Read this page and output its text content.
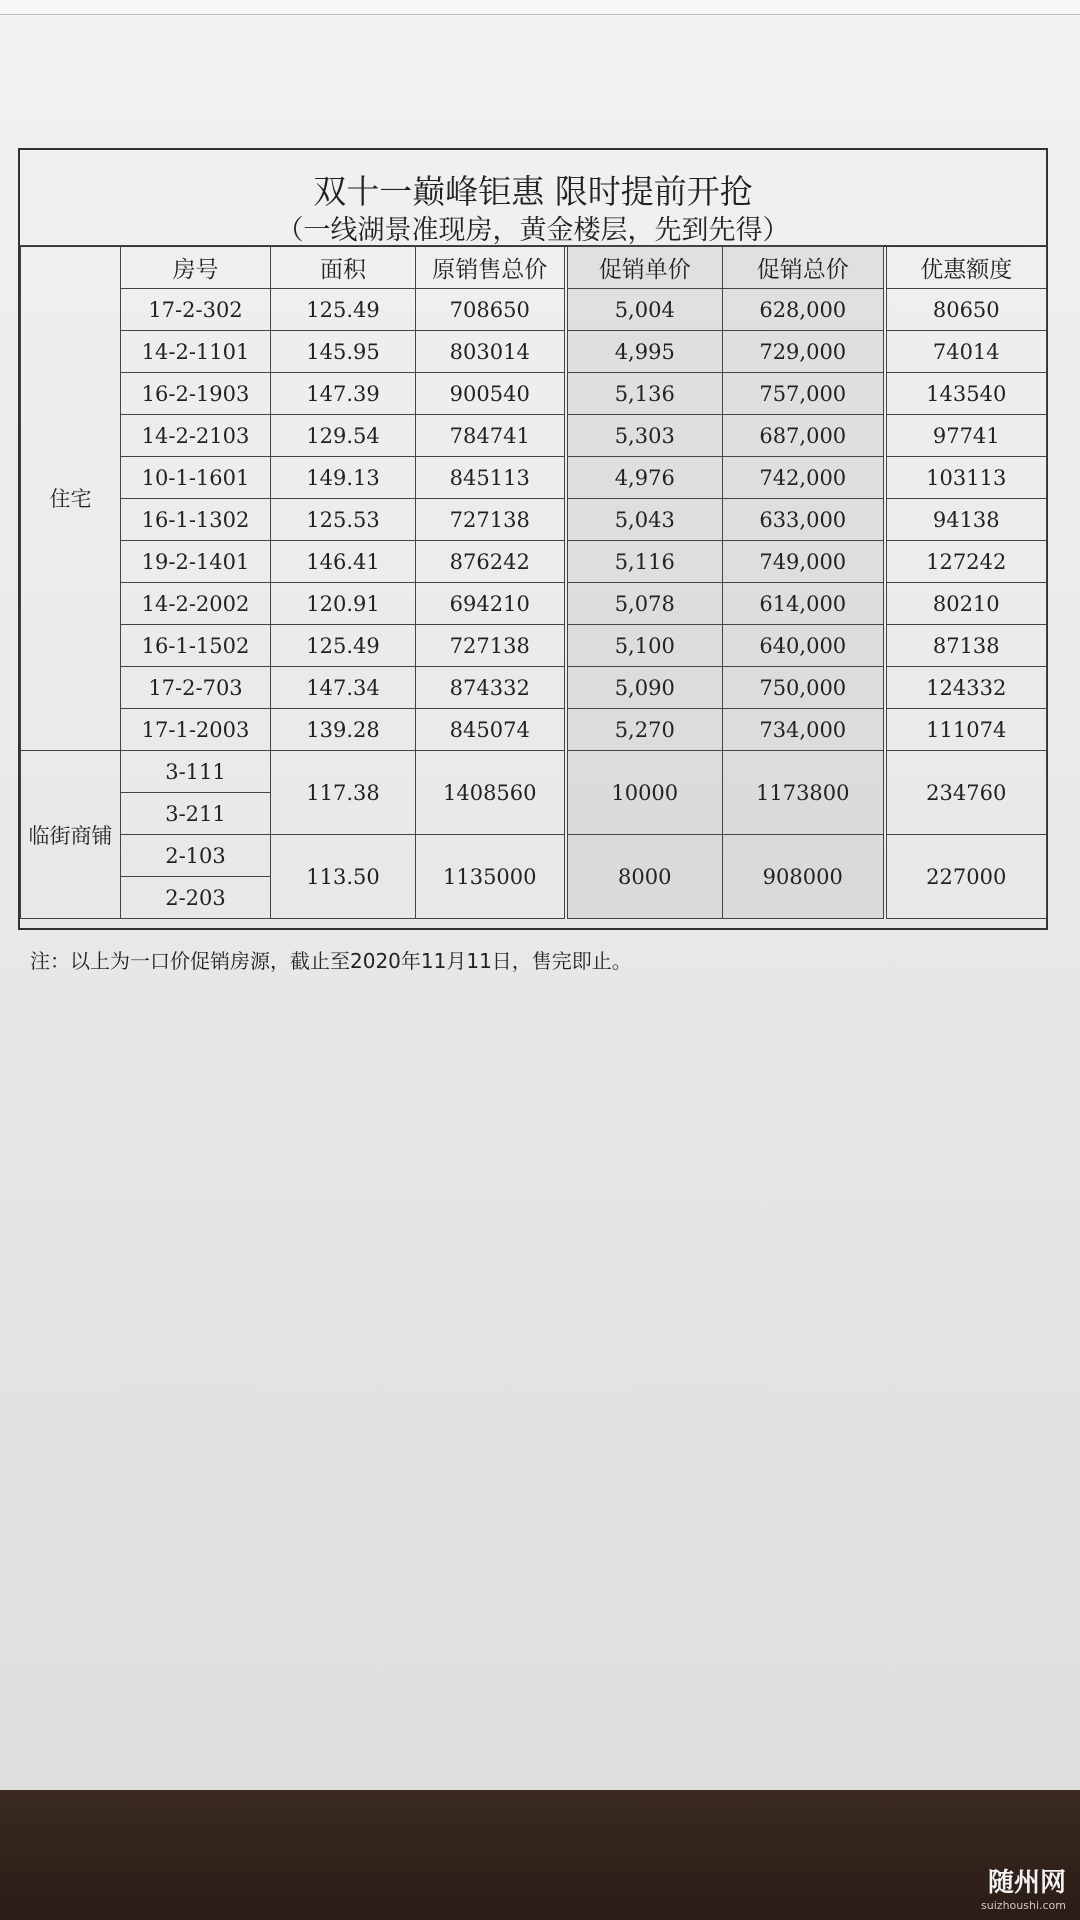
双十一巅峰钜惠 限时提前开抢
（一线湖景准现房，黄金楼层，先到先得）
住宅	房号	面积	原销售总价	促销单价	促销总价	优惠额度
	17-2-302	125.49	708650	5,004	628,000	80650
	14-2-1101	145.95	803014	4,995	729,000	74014
	16-2-1903	147.39	900540	5,136	757,000	143540
	14-2-2103	129.54	784741	5,303	687,000	97741
	10-1-1601	149.13	845113	4,976	742,000	103113
	16-1-1302	125.53	727138	5,043	633,000	94138
	19-2-1401	146.41	876242	5,116	749,000	127242
	14-2-2002	120.91	694210	5,078	614,000	80210
	16-1-1502	125.49	727138	5,100	640,000	87138
	17-2-703	147.34	874332	5,090	750,000	124332
	17-1-2003	139.28	845074	5,270	734,000	111074
临街商铺	3-111	117.38	1408560	10000	1173800	234760
	3-211					
	2-103	113.50	1135000	8000	908000	227000
	2-203					
注：以上为一口价促销房源，截止至2020年11月11日，售完即止。
随州网
suizhoushi.com
